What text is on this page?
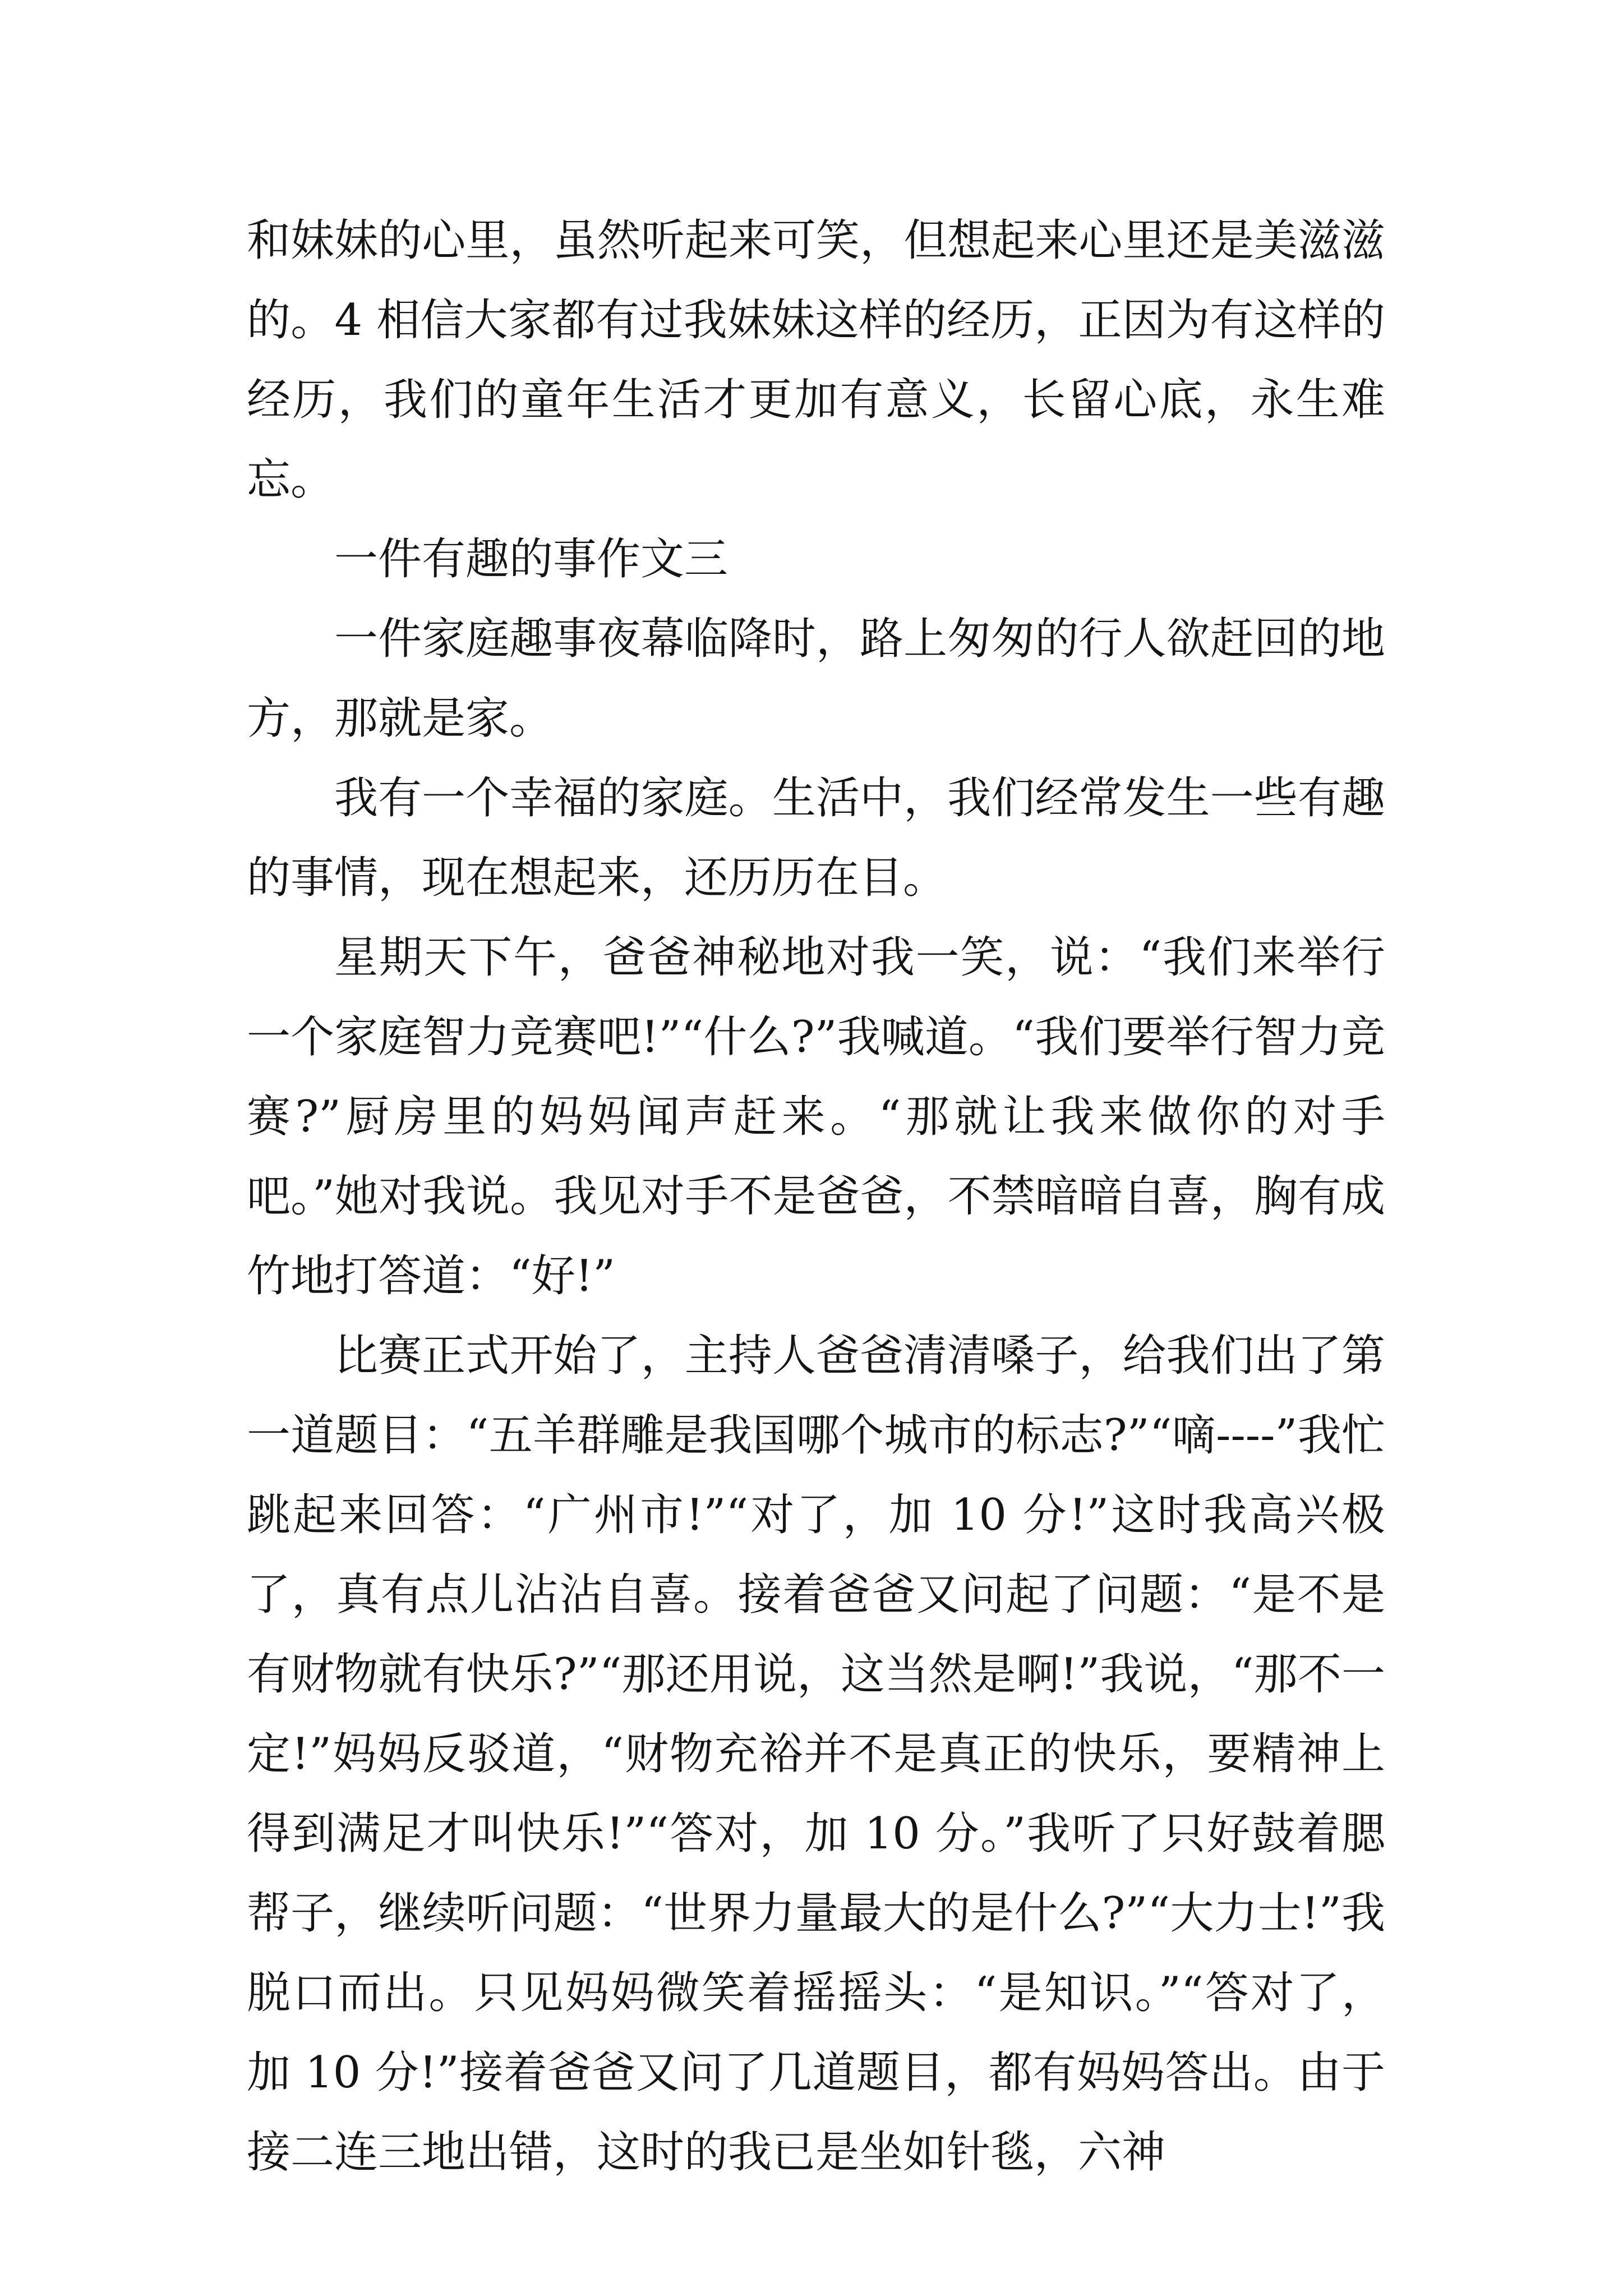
和妹妹的心里，虽然听起来可笑，但想起来心里还是美滋滋的。4 相信大家都有过我妹妹这样的经历，正因为有这样的经历，我们的童年生活才更加有意义，长留心底，永生难忘。

一件有趣的事作文三

一件家庭趣事夜幕临降时，路上匆匆的行人欲赶回的地方，那就是家。

我有一个幸福的家庭。生活中，我们经常发生一些有趣的事情，现在想起来，还历历在目。

星期天下午，爸爸神秘地对我一笑，说：“我们来举行一个家庭智力竞赛吧!”“什么?”我喊道。“我们要举行智力竞赛?”厨房里的妈妈闻声赶来。“那就让我来做你的对手吧。”她对我说。我见对手不是爸爸，不禁暗暗自喜，胸有成竹地打答道：“好!”

比赛正式开始了，主持人爸爸清清嗓子，给我们出了第一道题目：“五羊群雕是我国哪个城市的标志?”“嘀----”我忙跳起来回答：“广州市!”“对了，加 10 分!”这时我高兴极了，真有点儿沾沾自喜。接着爸爸又问起了问题：“是不是有财物就有快乐?”“那还用说，这当然是啊!”我说，“那不一定!”妈妈反驳道，“财物充裕并不是真正的快乐，要精神上得到满足才叫快乐!”“答对，加 10 分。”我听了只好鼓着腮帮子，继续听问题：“世界力量最大的是什么?”“大力士!”我脱口而出。只见妈妈微笑着摇摇头：“是知识。”“答对了，加 10 分!”接着爸爸又问了几道题目，都有妈妈答出。由于接二连三地出错，这时的我已是坐如针毯，六神
